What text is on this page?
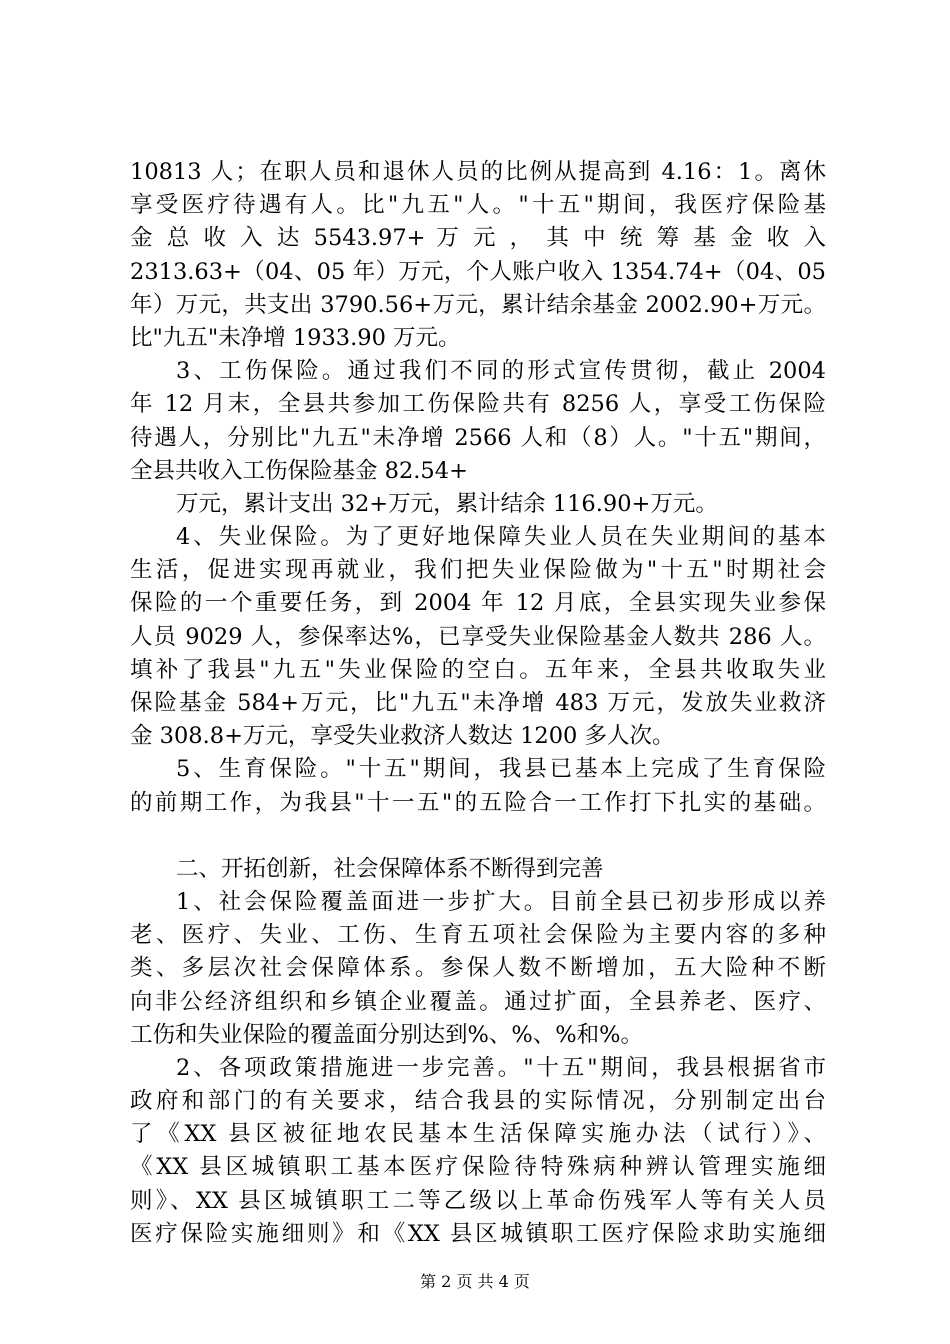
10813 人；在职人员和退休人员的比例从提高到 4.16：1。离休
享受医疗待遇有人。比"九五"人。"十五"期间，我医疗保险基
金 总 收 入 达 5543.97+ 万 元 ， 其 中 统 筹 基 金 收 入
2313.63+（04、05 年）万元，个人账户收入 1354.74+（04、05
年）万元，共支出 3790.56+万元，累计结余基金 2002.90+万元。
比"九五"未净增 1933.90 万元。
3、工伤保险。通过我们不同的形式宣传贯彻，截止 2004
年 12 月末，全县共参加工伤保险共有 8256 人，享受工伤保险
待遇人，分别比"九五"未净增 2566 人和（8）人。"十五"期间，
全县共收入工伤保险基金 82.54+
万元，累计支出 32+万元，累计结余 116.90+万元。
4、失业保险。为了更好地保障失业人员在失业期间的基本
生活，促进实现再就业，我们把失业保险做为"十五"时期社会
保险的一个重要任务，到 2004 年 12 月底，全县实现失业参保
人员 9029 人，参保率达%，已享受失业保险基金人数共 286 人。
填补了我县"九五"失业保险的空白。五年来，全县共收取失业
保险基金 584+万元，比"九五"未净增 483 万元，发放失业救济
金 308.8+万元，享受失业救济人数达 1200 多人次。
5、生育保险。"十五"期间，我县已基本上完成了生育保险
的前期工作，为我县"十一五"的五险合一工作打下扎实的基础。
二、开拓创新，社会保障体系不断得到完善
1、社会保险覆盖面进一步扩大。目前全县已初步形成以养
老、医疗、失业、工伤、生育五项社会保险为主要内容的多种
类、多层次社会保障体系。参保人数不断增加，五大险种不断
向非公经济组织和乡镇企业覆盖。通过扩面，全县养老、医疗、
工伤和失业保险的覆盖面分别达到%、%、%和%。
2、各项政策措施进一步完善。"十五"期间，我县根据省市
政府和部门的有关要求，结合我县的实际情况，分别制定出台
了《XX 县区被征地农民基本生活保障实施办法（试行）》、
《XX 县区城镇职工基本医疗保险待特殊病种辨认管理实施细
则》、XX 县区城镇职工二等乙级以上革命伤残军人等有关人员
医疗保险实施细则》和《XX 县区城镇职工医疗保险求助实施细
第 2 页 共 4 页
